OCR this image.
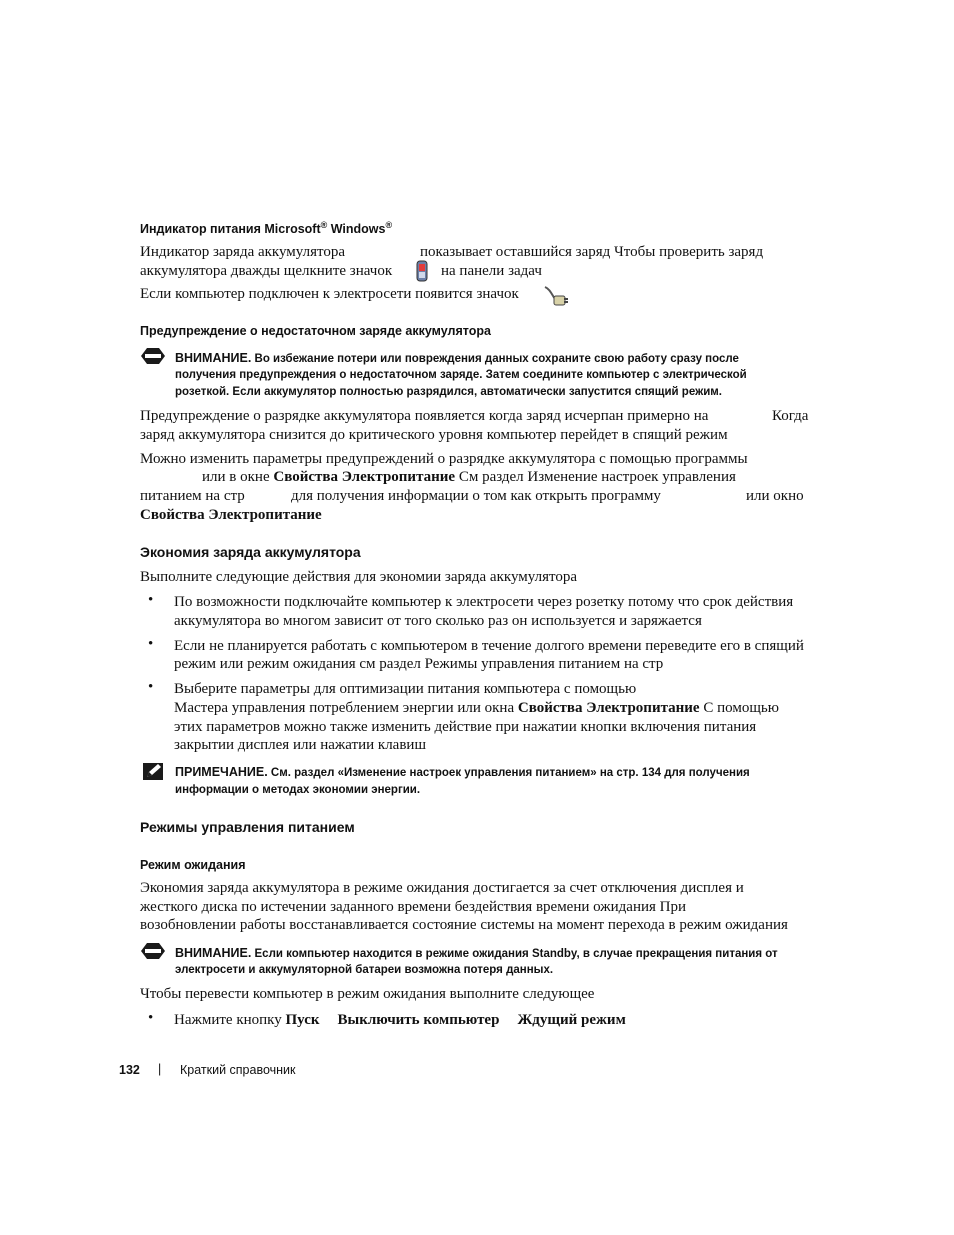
Индикатор питания Microsoft® Windows®
Индикатор заряда аккумулятора	показывает оставшийся заряд Чтобы проверить заряд
аккумулятора дважды щелкните значок	на панели задач
Если компьютер подключен к электросети появится значок
Предупреждение о недостаточном заряде аккумулятора
ВНИМАНИЕ. Во избежание потери или повреждения данных сохраните свою работу сразу после
получения предупреждения о недостаточном заряде. Затем соедините компьютер с электрической
розеткой. Если аккумулятор полностью разрядился, автоматически запустится спящий режим.
Предупреждение о разрядке аккумулятора появляется когда заряд исчерпан примерно на	Когда
заряд аккумулятора снизится до критического уровня компьютер перейдет в спящий режим
Можно изменить параметры предупреждений о разрядке аккумулятора с помощью программы
или в окне Свойства Электропитание См раздел Изменение настроек управления
питанием на стр	для получения информации о том как открыть программу	или окно
Свойства Электропитание
Экономия заряда аккумулятора
Выполните следующие действия для экономии заряда аккумулятора
• По возможности подключайте компьютер к электросети через розетку потому что срок действия
аккумулятора во многом зависит от того сколько раз он используется и заряжается
• Если не планируется работать с компьютером в течение долгого времени переведите его в спящий
режим или режим ожидания см раздел Режимы управления питанием на стр
• Выберите параметры для оптимизации питания компьютера с помощью
Мастера управления потреблением энергии или окна Свойства Электропитание С помощью
этих параметров можно также изменить действие при нажатии кнопки включения питания
закрытии дисплея или нажатии клавиш
ПРИМЕЧАНИЕ. См. раздел «Изменение настроек управления питанием» на стр. 134 для получения
информации о методах экономии энергии.
Режимы управления питанием
Режим ожидания
Экономия заряда аккумулятора в режиме ожидания достигается за счет отключения дисплея и
жесткого диска по истечении заданного времени бездействия времени ожидания При
возобновлении работы восстанавливается состояние системы на момент перехода в режим ожидания
ВНИМАНИЕ. Если компьютер находится в режиме ожидания Standby, в случае прекращения питания от
электросети и аккумуляторной батареи возможна потеря данных.
Чтобы перевести компьютер в режим ожидания выполните следующее
• Нажмите кнопку Пуск Выключить компьютер Ждущий режим
132 | Краткий справочник
